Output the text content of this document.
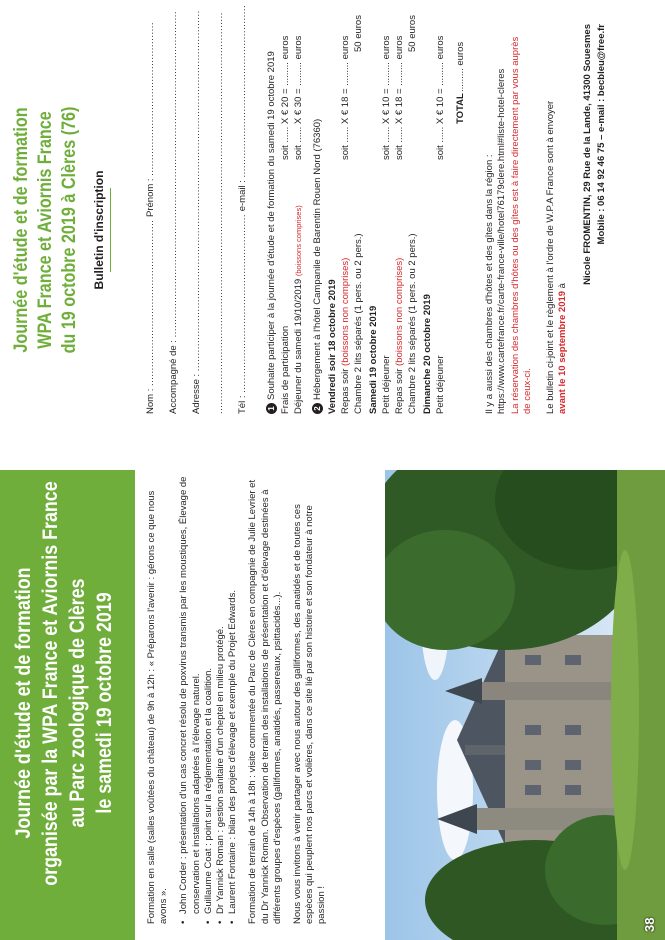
Journée d'étude et de formation organisée par la WPA France et Aviornis France au Parc zoologique de Clères le samedi 19 octobre 2019	Formation en salle (salles voûtées du château) de 9h à 12h : « Préparons l'avenir : gérons ce que nous avons ». • John Corder : présentation d'un cas concret résolu de poxvirus transmis par les moustiques, Élevage de conservation et installations adaptées à l'élevage naturel. • Guillaume Coat : point sur la réglementation et la coalition. • Dr Yannick Roman : gestion sanitaire d'un cheptel en milieu protégé. • Laurent Fontaine : bilan des projets d'élevage et exemple du Projet Edwards. Formation de terrain de 14h à 18h : visite commentée du Parc de Clères en compagnie de Julie Levrier et du Dr Yannick Roman. Observation de terrain des installations de présentation et d'élevage destinées à différents groupes d'espèces (galliformes, anatidés, passereaux, psittacidés...). Nous vous invitons à venir partager avec nous autour des galliformes, des anatidés et de toutes ces espèces qui peuplent nos parcs et volières, dans ce site lié par son histoire et son fondateur à notre passion !

38
Journée d'étude et de formation WPA France et Aviornis France du 19 octobre 2019 à Clères (76) Bulletin d'inscription
Nom : ..................................................... Prénom : .................................................
Accompagné de : ........................................................................................................
Adresse : ................................................................................................................... ................................................................................................................................ Tél : ......................................................... e-mail : .......................................................
1Souhaite participer à la journée d'étude et de formation du samedi 19 octobre 2019 Frais de participation
soit ...... X € 20 = ......... euros
Déjeuner du samedi 19/10/2019 (boissons comprises)
soit ...... X € 30 = ......... euros
2Hébergement à l'hôtel Campanile de Barentin Rouen Nord (76360) Vendredi soir 18 octobre 2019 Repas soir (boissons non comprises)
soit ...... X € 18 = ......... euros
Chambre 2 lits séparés (1 pers. ou 2 pers.)
50 euros
Samedi 19 octobre 2019 Petit déjeuner
soit ...... X € 10 = ......... euros
Repas soir (boissons non comprises)
soit ...... X € 18 = ......... euros
Chambre 2 lits séparés (1 pers. ou 2 pers.)
50 euros
Dimanche 20 octobre 2019 Petit déjeuner
soit ...... X € 10 = ......... euros TOTAL
......... euros
Il y a aussi des chambres d'hôtes et des gîtes dans la région : https://www.cartefrance.fr/carte-france-ville/hotel76179clere.html#liste-hotel-cleres La réservation des chambres d'hôtes ou des gîtes est à faire directement par vous auprès de ceux-ci. Le bulletin ci-joint et le règlement à l'ordre de W.P.A France sont à envoyer avant le 10 septembre 2019 à
Nicole FROMENTIN, 29 Rue de la Lande, 41300 Souesmes Mobile : 06 14 92 46 75 – e-mail : becbleu@free.fr
